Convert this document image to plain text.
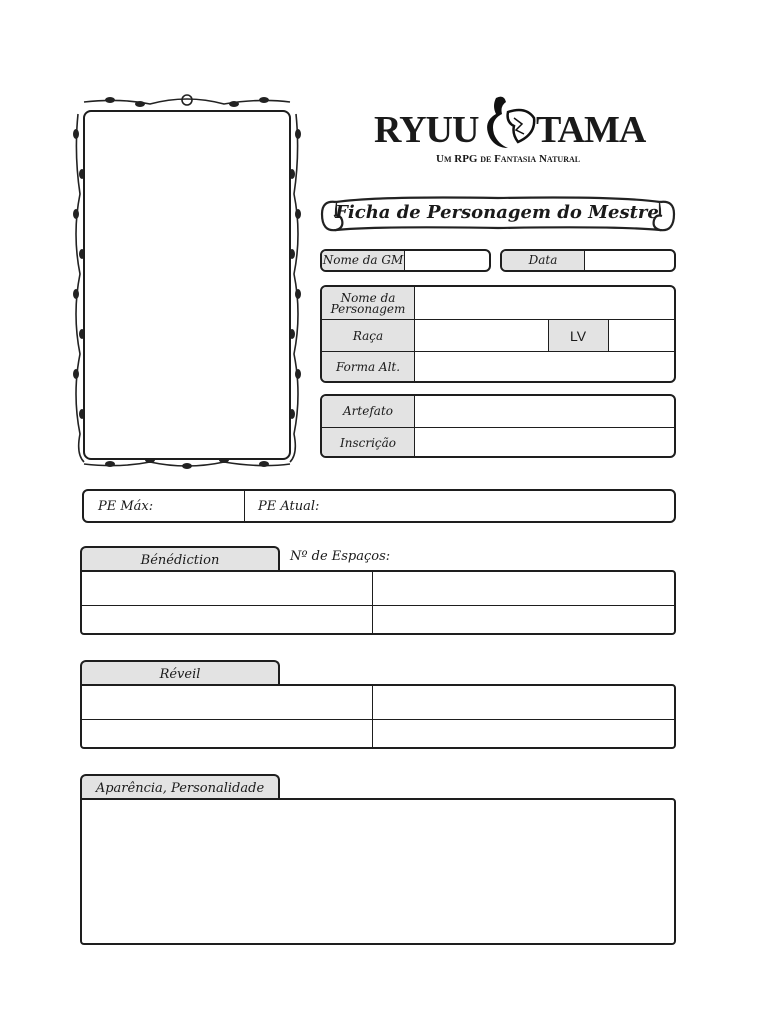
RYUU TAMA
Um RPG de Fantasia Natural
Ficha de Personagem do Mestre
Nome da GM	Data
Nome da Personagem
Raça	LV
Forma Alt.
Artefato
Inscrição
PE Máx:	PE Atual:
Bénédiction	Nº de Espaços:
Réveil
Aparência, Personalidade
